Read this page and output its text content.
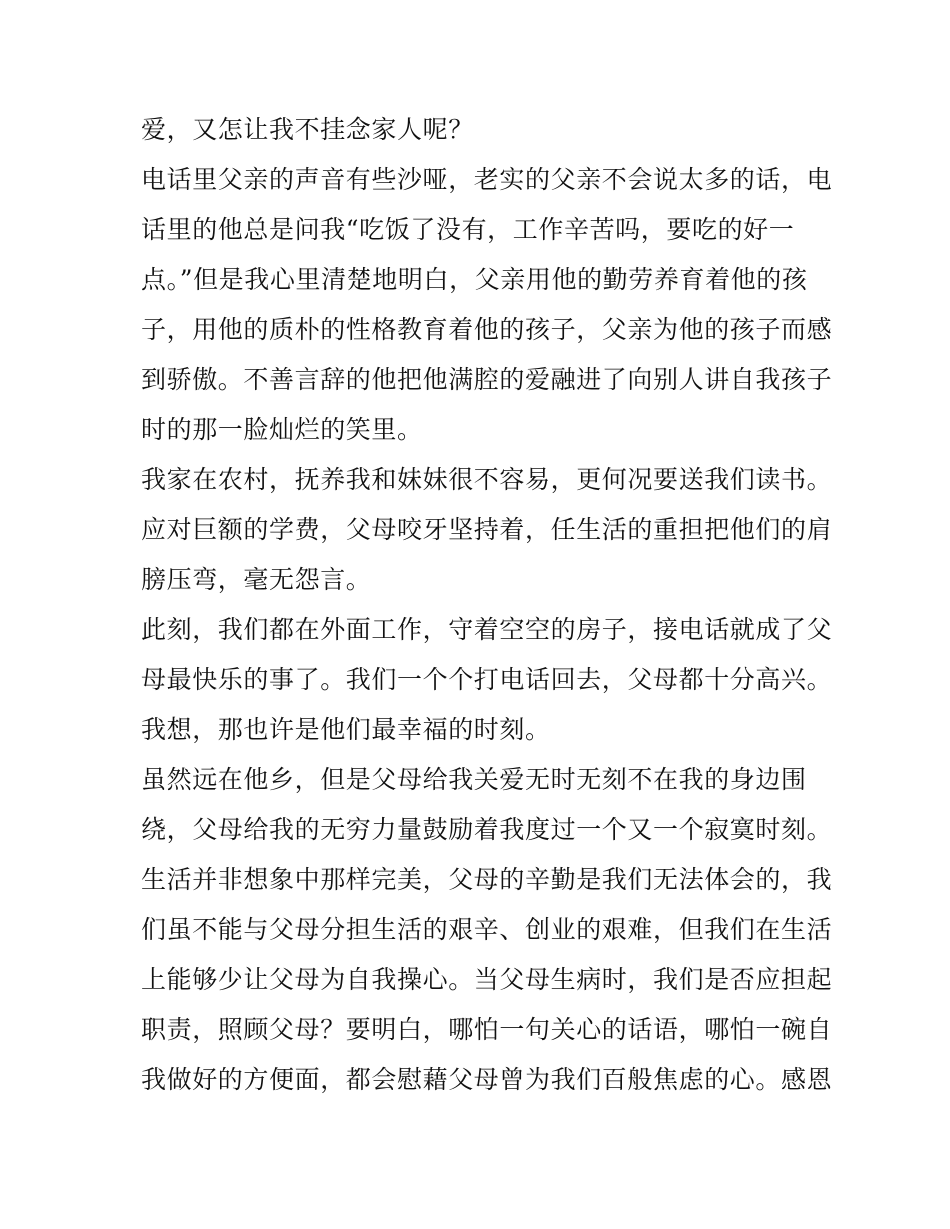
爱，又怎让我不挂念家人呢？
电话里父亲的声音有些沙哑，老实的父亲不会说太多的话，电
话里的他总是问我“吃饭了没有，工作辛苦吗，要吃的好一
点。”但是我心里清楚地明白，父亲用他的勤劳养育着他的孩
子，用他的质朴的性格教育着他的孩子，父亲为他的孩子而感
到骄傲。不善言辞的他把他满腔的爱融进了向别人讲自我孩子
时的那一脸灿烂的笑里。
我家在农村，抚养我和妹妹很不容易，更何况要送我们读书。
应对巨额的学费，父母咬牙坚持着，任生活的重担把他们的肩
膀压弯，毫无怨言。
此刻，我们都在外面工作，守着空空的房子，接电话就成了父
母最快乐的事了。我们一个个打电话回去，父母都十分高兴。
我想，那也许是他们最幸福的时刻。
虽然远在他乡，但是父母给我关爱无时无刻不在我的身边围
绕，父母给我的无穷力量鼓励着我度过一个又一个寂寞时刻。
生活并非想象中那样完美，父母的辛勤是我们无法体会的，我
们虽不能与父母分担生活的艰辛、创业的艰难，但我们在生活
上能够少让父母为自我操心。当父母生病时，我们是否应担起
职责，照顾父母？要明白，哪怕一句关心的话语，哪怕一碗自
我做好的方便面，都会慰藉父母曾为我们百般焦虑的心。感恩
